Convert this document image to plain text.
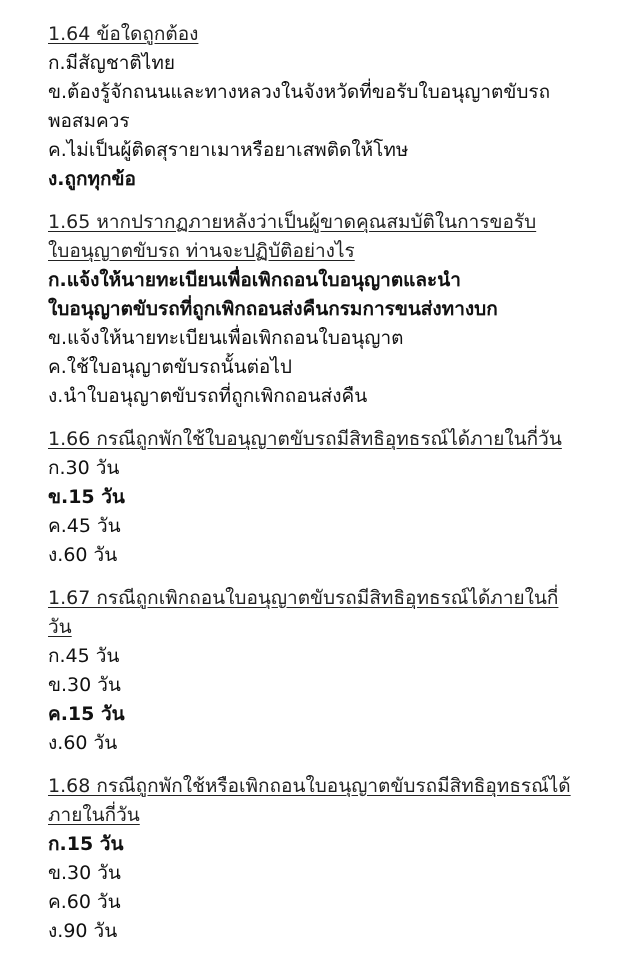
1.64 ข้อใดถูกต้อง
ก.มีสัญชาติไทย
ข.ต้องรู้จักถนนและทางหลวงในจังหวัดที่ขอรับใบอนุญาตขับรถ
พอสมควร
ค.ไม่เป็นผู้ติดสุรายาเมาหรือยาเสพติดให้โทษ
ง.ถูกทุกข้อ
1.65 หากปรากฏภายหลังว่าเป็นผู้ขาดคุณสมบัติในการขอรับ
ใบอนุญาตขับรถ ท่านจะปฏิบัติอย่างไร
ก.แจ้งให้นายทะเบียนเพื่อเพิกถอนใบอนุญาตและนำ
ใบอนุญาตขับรถที่ถูกเพิกถอนส่งคืนกรมการขนส่งทางบก
ข.แจ้งให้นายทะเบียนเพื่อเพิกถอนใบอนุญาต
ค.ใช้ใบอนุญาตขับรถนั้นต่อไป
ง.นำใบอนุญาตขับรถที่ถูกเพิกถอนส่งคืน
1.66 กรณีถูกพักใช้ใบอนุญาตขับรถมีสิทธิอุทธรณ์ได้ภายในกี่วัน
ก.30 วัน
ข.15 วัน
ค.45 วัน
ง.60 วัน
1.67 กรณีถูกเพิกถอนใบอนุญาตขับรถมีสิทธิอุทธรณ์ได้ภายในกี่
วัน
ก.45 วัน
ข.30 วัน
ค.15 วัน
ง.60 วัน
1.68 กรณีถูกพักใช้หรือเพิกถอนใบอนุญาตขับรถมีสิทธิอุทธรณ์ได้
ภายในกี่วัน
ก.15 วัน
ข.30 วัน
ค.60 วัน
ง.90 วัน
